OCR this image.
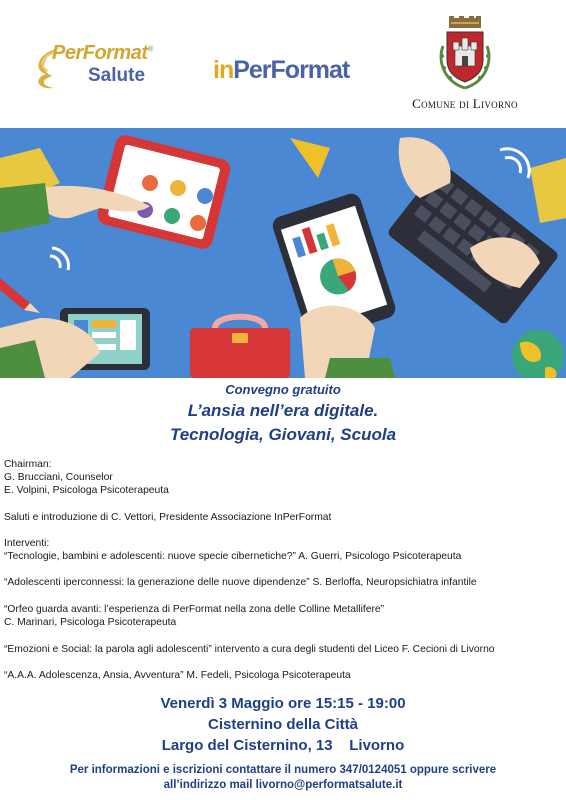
PerFormat®
Salute	inPerFormat
Comune di Livorno
Convegno gratuito
L’ansia nell’era digitale.
Tecnologia, Giovani, Scuola
Chairman:
G. Brucciani, Counselor
E. Volpini, Psicologa Psicoterapeuta
Saluti e introduzione di C. Vettori, Presidente Associazione InPerFormat
Interventi:
“Tecnologie, bambini e adolescenti: nuove specie cibernetiche?” A. Guerri, Psicologo Psicoterapeuta
“Adolescenti iperconnessi: la generazione delle nuove dipendenze” S. Berloffa, Neuropsichiatra infantile
“Orfeo guarda avanti: l’esperienza di PerFormat nella zona delle Colline Metallifere”
C. Marinari, Psicologa Psicoterapeuta
“Emozioni e Social: la parola agli adolescenti” intervento a cura degli studenti del Liceo F. Cecioni di Livorno
“A.A.A. Adolescenza, Ansia, Avventura” M. Fedeli, Psicologa Psicoterapeuta
Venerdì 3 Maggio ore 15:15 - 19:00
Cisternino della Città
Largo del Cisternino, 13    Livorno
Per informazioni e iscrizioni contattare il numero 347/0124051 oppure scrivere
all’indirizzo mail livorno@performatsalute.it
